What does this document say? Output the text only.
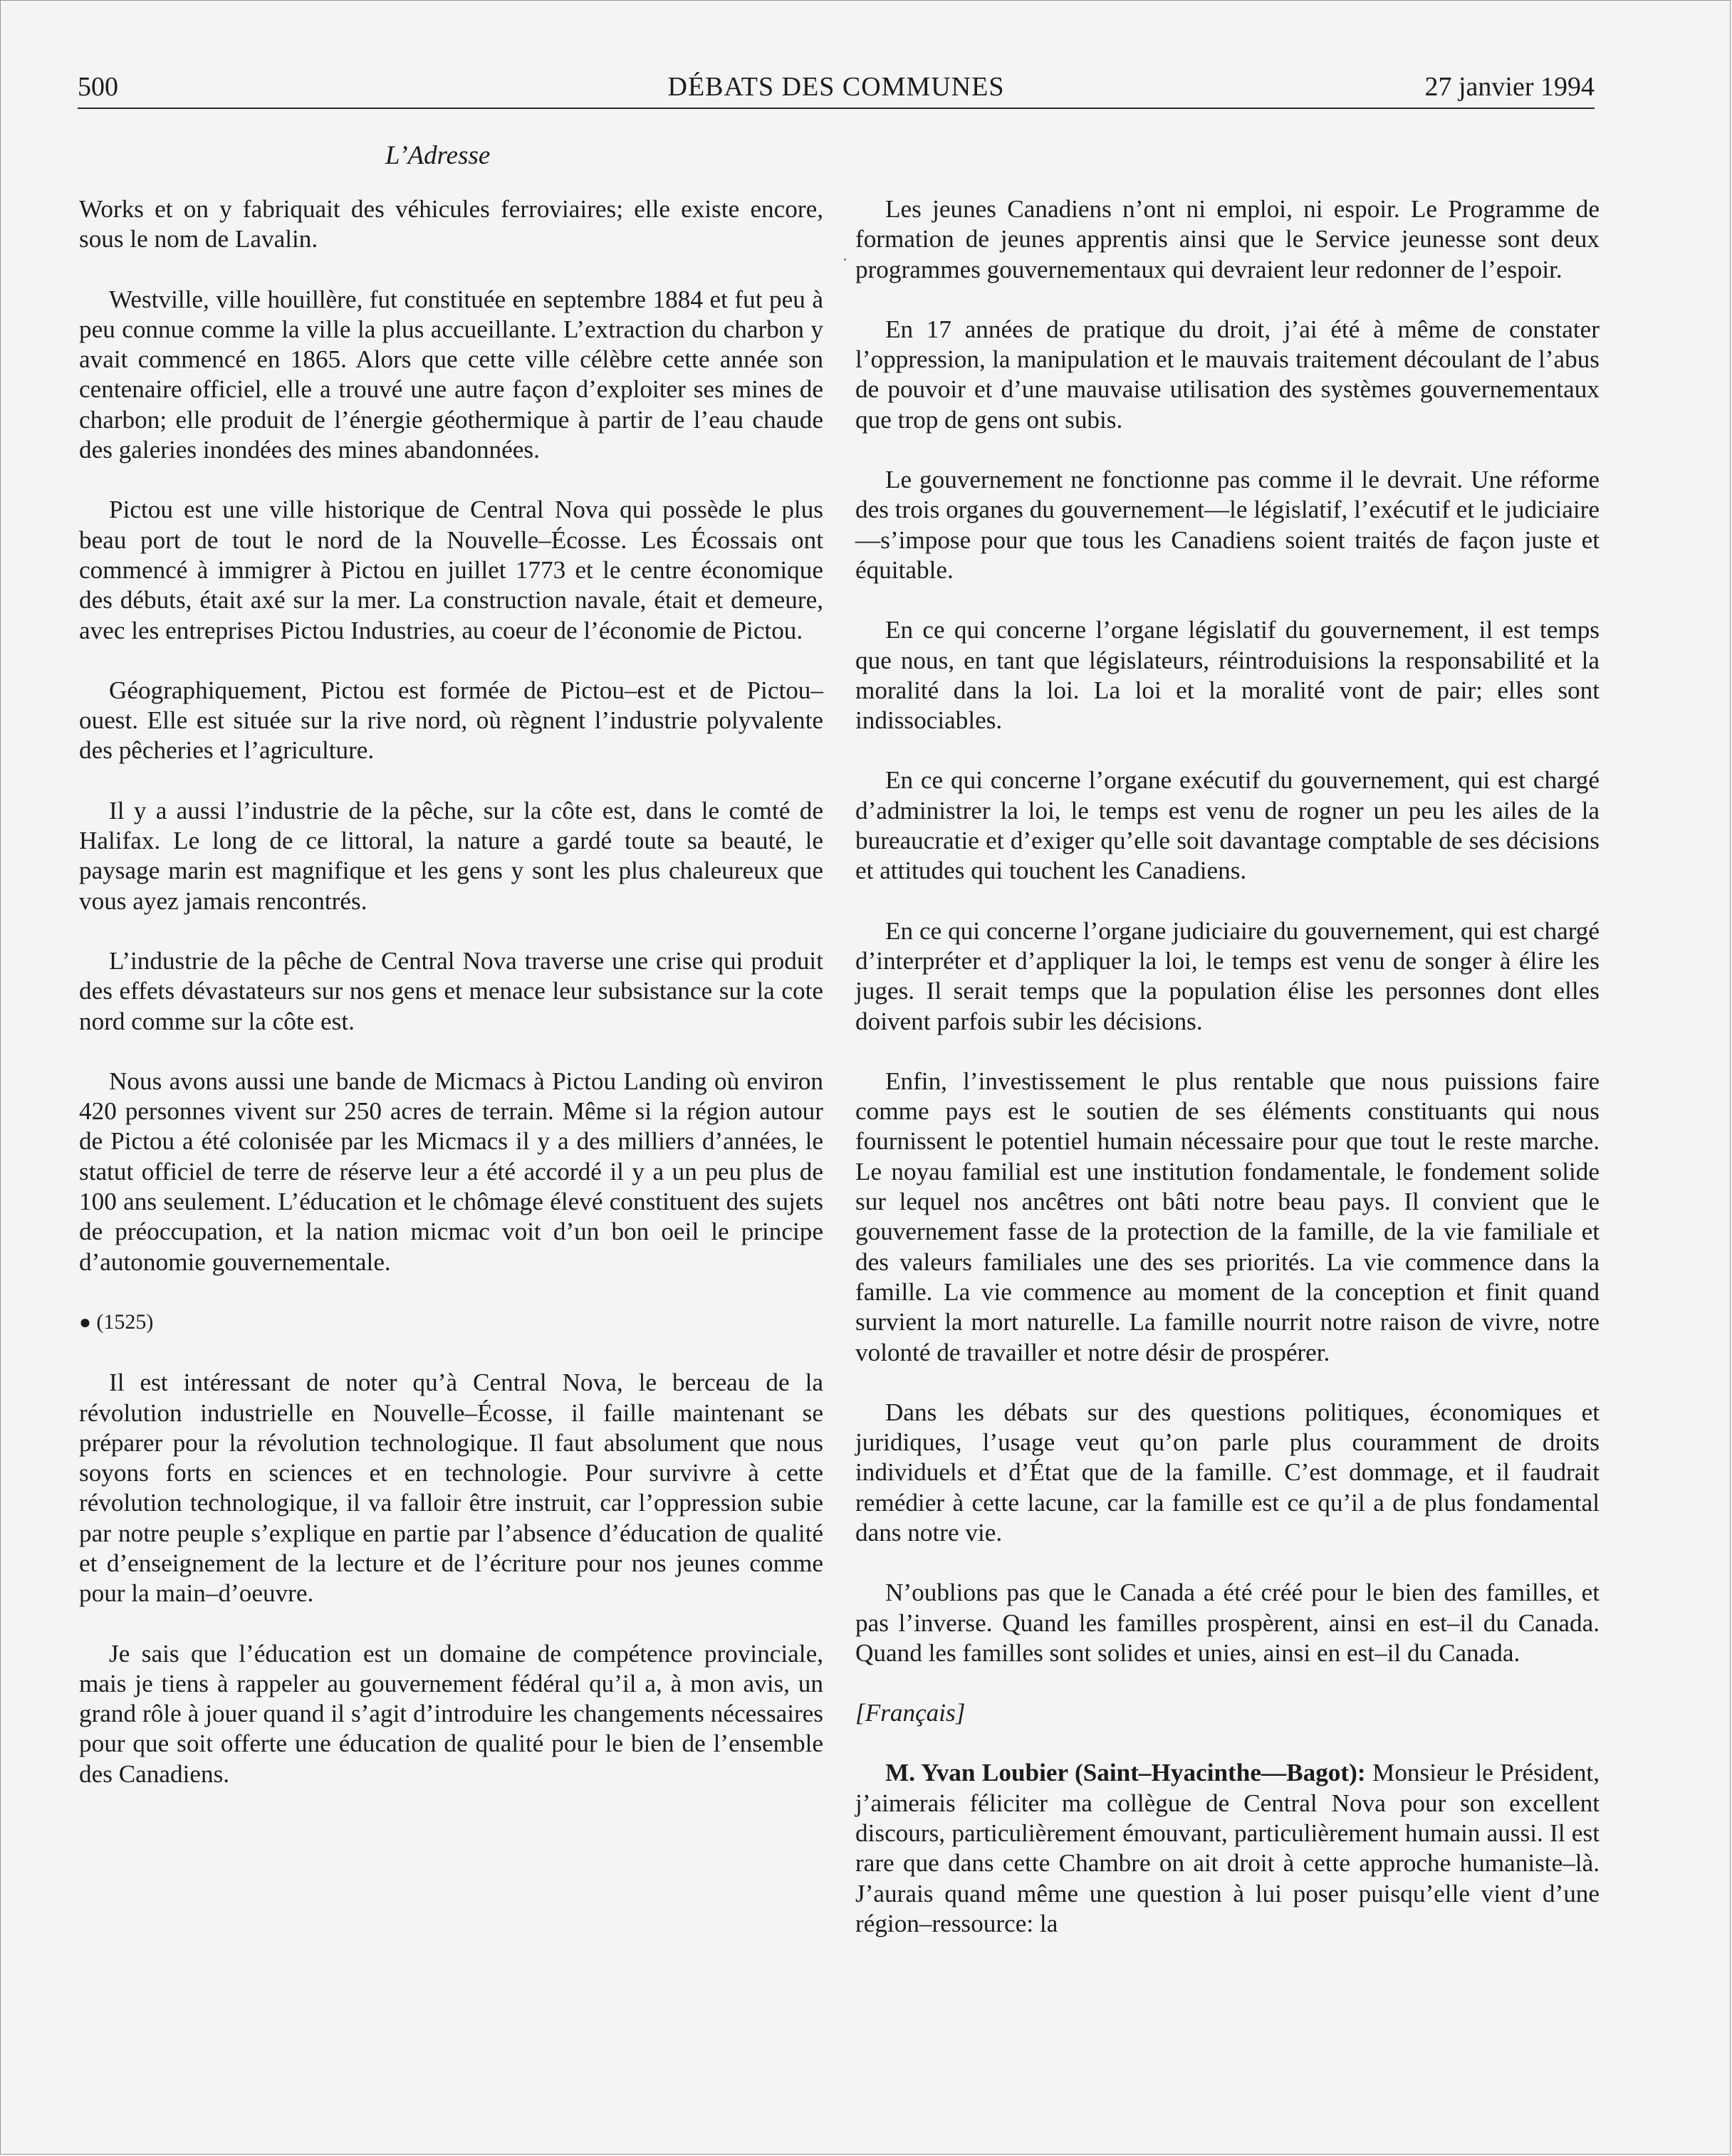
500	DÉBATS DES COMMUNES	27 janvier 1994
L’Adresse

Works et on y fabriquait des véhicules ferroviaires; elle existe encore, sous le nom de Lavalin.

Westville, ville houillère, fut constituée en septembre 1884 et fut peu à peu connue comme la ville la plus accueillante. L’extraction du charbon y avait commencé en 1865. Alors que cette ville célèbre cette année son centenaire officiel, elle a trouvé une autre façon d’exploiter ses mines de charbon; elle produit de l’énergie géothermique à partir de l’eau chaude des galeries inondées des mines abandonnées.

Pictou est une ville historique de Central Nova qui possède le plus beau port de tout le nord de la Nouvelle–Écosse. Les Écossais ont commencé à immigrer à Pictou en juillet 1773 et le centre économique des débuts, était axé sur la mer. La construction navale, était et demeure, avec les entreprises Pictou Industries, au coeur de l’économie de Pictou.

Géographiquement, Pictou est formée de Pictou–est et de Pictou–ouest. Elle est située sur la rive nord, où règnent l’industrie polyvalente des pêcheries et l’agriculture.

Il y a aussi l’industrie de la pêche, sur la côte est, dans le comté de Halifax. Le long de ce littoral, la nature a gardé toute sa beauté, le paysage marin est magnifique et les gens y sont les plus chaleureux que vous ayez jamais rencontrés.

L’industrie de la pêche de Central Nova traverse une crise qui produit des effets dévastateurs sur nos gens et menace leur subsistance sur la cote nord comme sur la côte est.

Nous avons aussi une bande de Micmacs à Pictou Landing où environ 420 personnes vivent sur 250 acres de terrain. Même si la région autour de Pictou a été colonisée par les Micmacs il y a des milliers d’années, le statut officiel de terre de réserve leur a été accordé il y a un peu plus de 100 ans seulement. L’éducation et le chômage élevé constituent des sujets de préoccupation, et la nation micmac voit d’un bon oeil le principe d’autonomie gouvernementale.

● (1525)

Il est intéressant de noter qu’à Central Nova, le berceau de la révolution industrielle en Nouvelle–Écosse, il faille maintenant se préparer pour la révolution technologique. Il faut absolument que nous soyons forts en sciences et en technologie. Pour survivre à cette révolution technologique, il va falloir être instruit, car l’oppression subie par notre peuple s’explique en partie par l’absence d’éducation de qualité et d’enseignement de la lecture et de l’écriture pour nos jeunes comme pour la main–d’oeuvre.

Je sais que l’éducation est un domaine de compétence provinciale, mais je tiens à rappeler au gouvernement fédéral qu’il a, à mon avis, un grand rôle à jouer quand il s’agit d’introduire les changements nécessaires pour que soit offerte une éducation de qualité pour le bien de l’ensemble des Canadiens.

Les jeunes Canadiens n’ont ni emploi, ni espoir. Le Programme de formation de jeunes apprentis ainsi que le Service jeunesse sont deux programmes gouvernementaux qui devraient leur redonner de l’espoir.

En 17 années de pratique du droit, j’ai été à même de constater l’oppression, la manipulation et le mauvais traitement découlant de l’abus de pouvoir et d’une mauvaise utilisation des systèmes gouvernementaux que trop de gens ont subis.

Le gouvernement ne fonctionne pas comme il le devrait. Une réforme des trois organes du gouvernement—le législatif, l’exécutif et le judiciaire—s’impose pour que tous les Canadiens soient traités de façon juste et équitable.

En ce qui concerne l’organe législatif du gouvernement, il est temps que nous, en tant que législateurs, réintroduisions la responsabilité et la moralité dans la loi. La loi et la moralité vont de pair; elles sont indissociables.

En ce qui concerne l’organe exécutif du gouvernement, qui est chargé d’administrer la loi, le temps est venu de rogner un peu les ailes de la bureaucratie et d’exiger qu’elle soit davantage comptable de ses décisions et attitudes qui touchent les Canadiens.

En ce qui concerne l’organe judiciaire du gouvernement, qui est chargé d’interpréter et d’appliquer la loi, le temps est venu de songer à élire les juges. Il serait temps que la population élise les personnes dont elles doivent parfois subir les décisions.

Enfin, l’investissement le plus rentable que nous puissions faire comme pays est le soutien de ses éléments constituants qui nous fournissent le potentiel humain nécessaire pour que tout le reste marche. Le noyau familial est une institution fondamentale, le fondement solide sur lequel nos ancêtres ont bâti notre beau pays. Il convient que le gouvernement fasse de la protection de la famille, de la vie familiale et des valeurs familiales une des ses priorités. La vie commence dans la famille. La vie commence au moment de la conception et finit quand survient la mort naturelle. La famille nourrit notre raison de vivre, notre volonté de travailler et notre désir de prospérer.

Dans les débats sur des questions politiques, économiques et juridiques, l’usage veut qu’on parle plus couramment de droits individuels et d’État que de la famille. C’est dommage, et il faudrait remédier à cette lacune, car la famille est ce qu’il a de plus fondamental dans notre vie.

N’oublions pas que le Canada a été créé pour le bien des familles, et pas l’inverse. Quand les familles prospèrent, ainsi en est–il du Canada. Quand les familles sont solides et unies, ainsi en est–il du Canada.

[Français]

M. Yvan Loubier (Saint–Hyacinthe—Bagot): Monsieur le Président, j’aimerais féliciter ma collègue de Central Nova pour son excellent discours, particulièrement émouvant, particulièrement humain aussi. Il est rare que dans cette Chambre on ait droit à cette approche humaniste–là. J’aurais quand même une question à lui poser puisqu’elle vient d’une région–ressource: la
